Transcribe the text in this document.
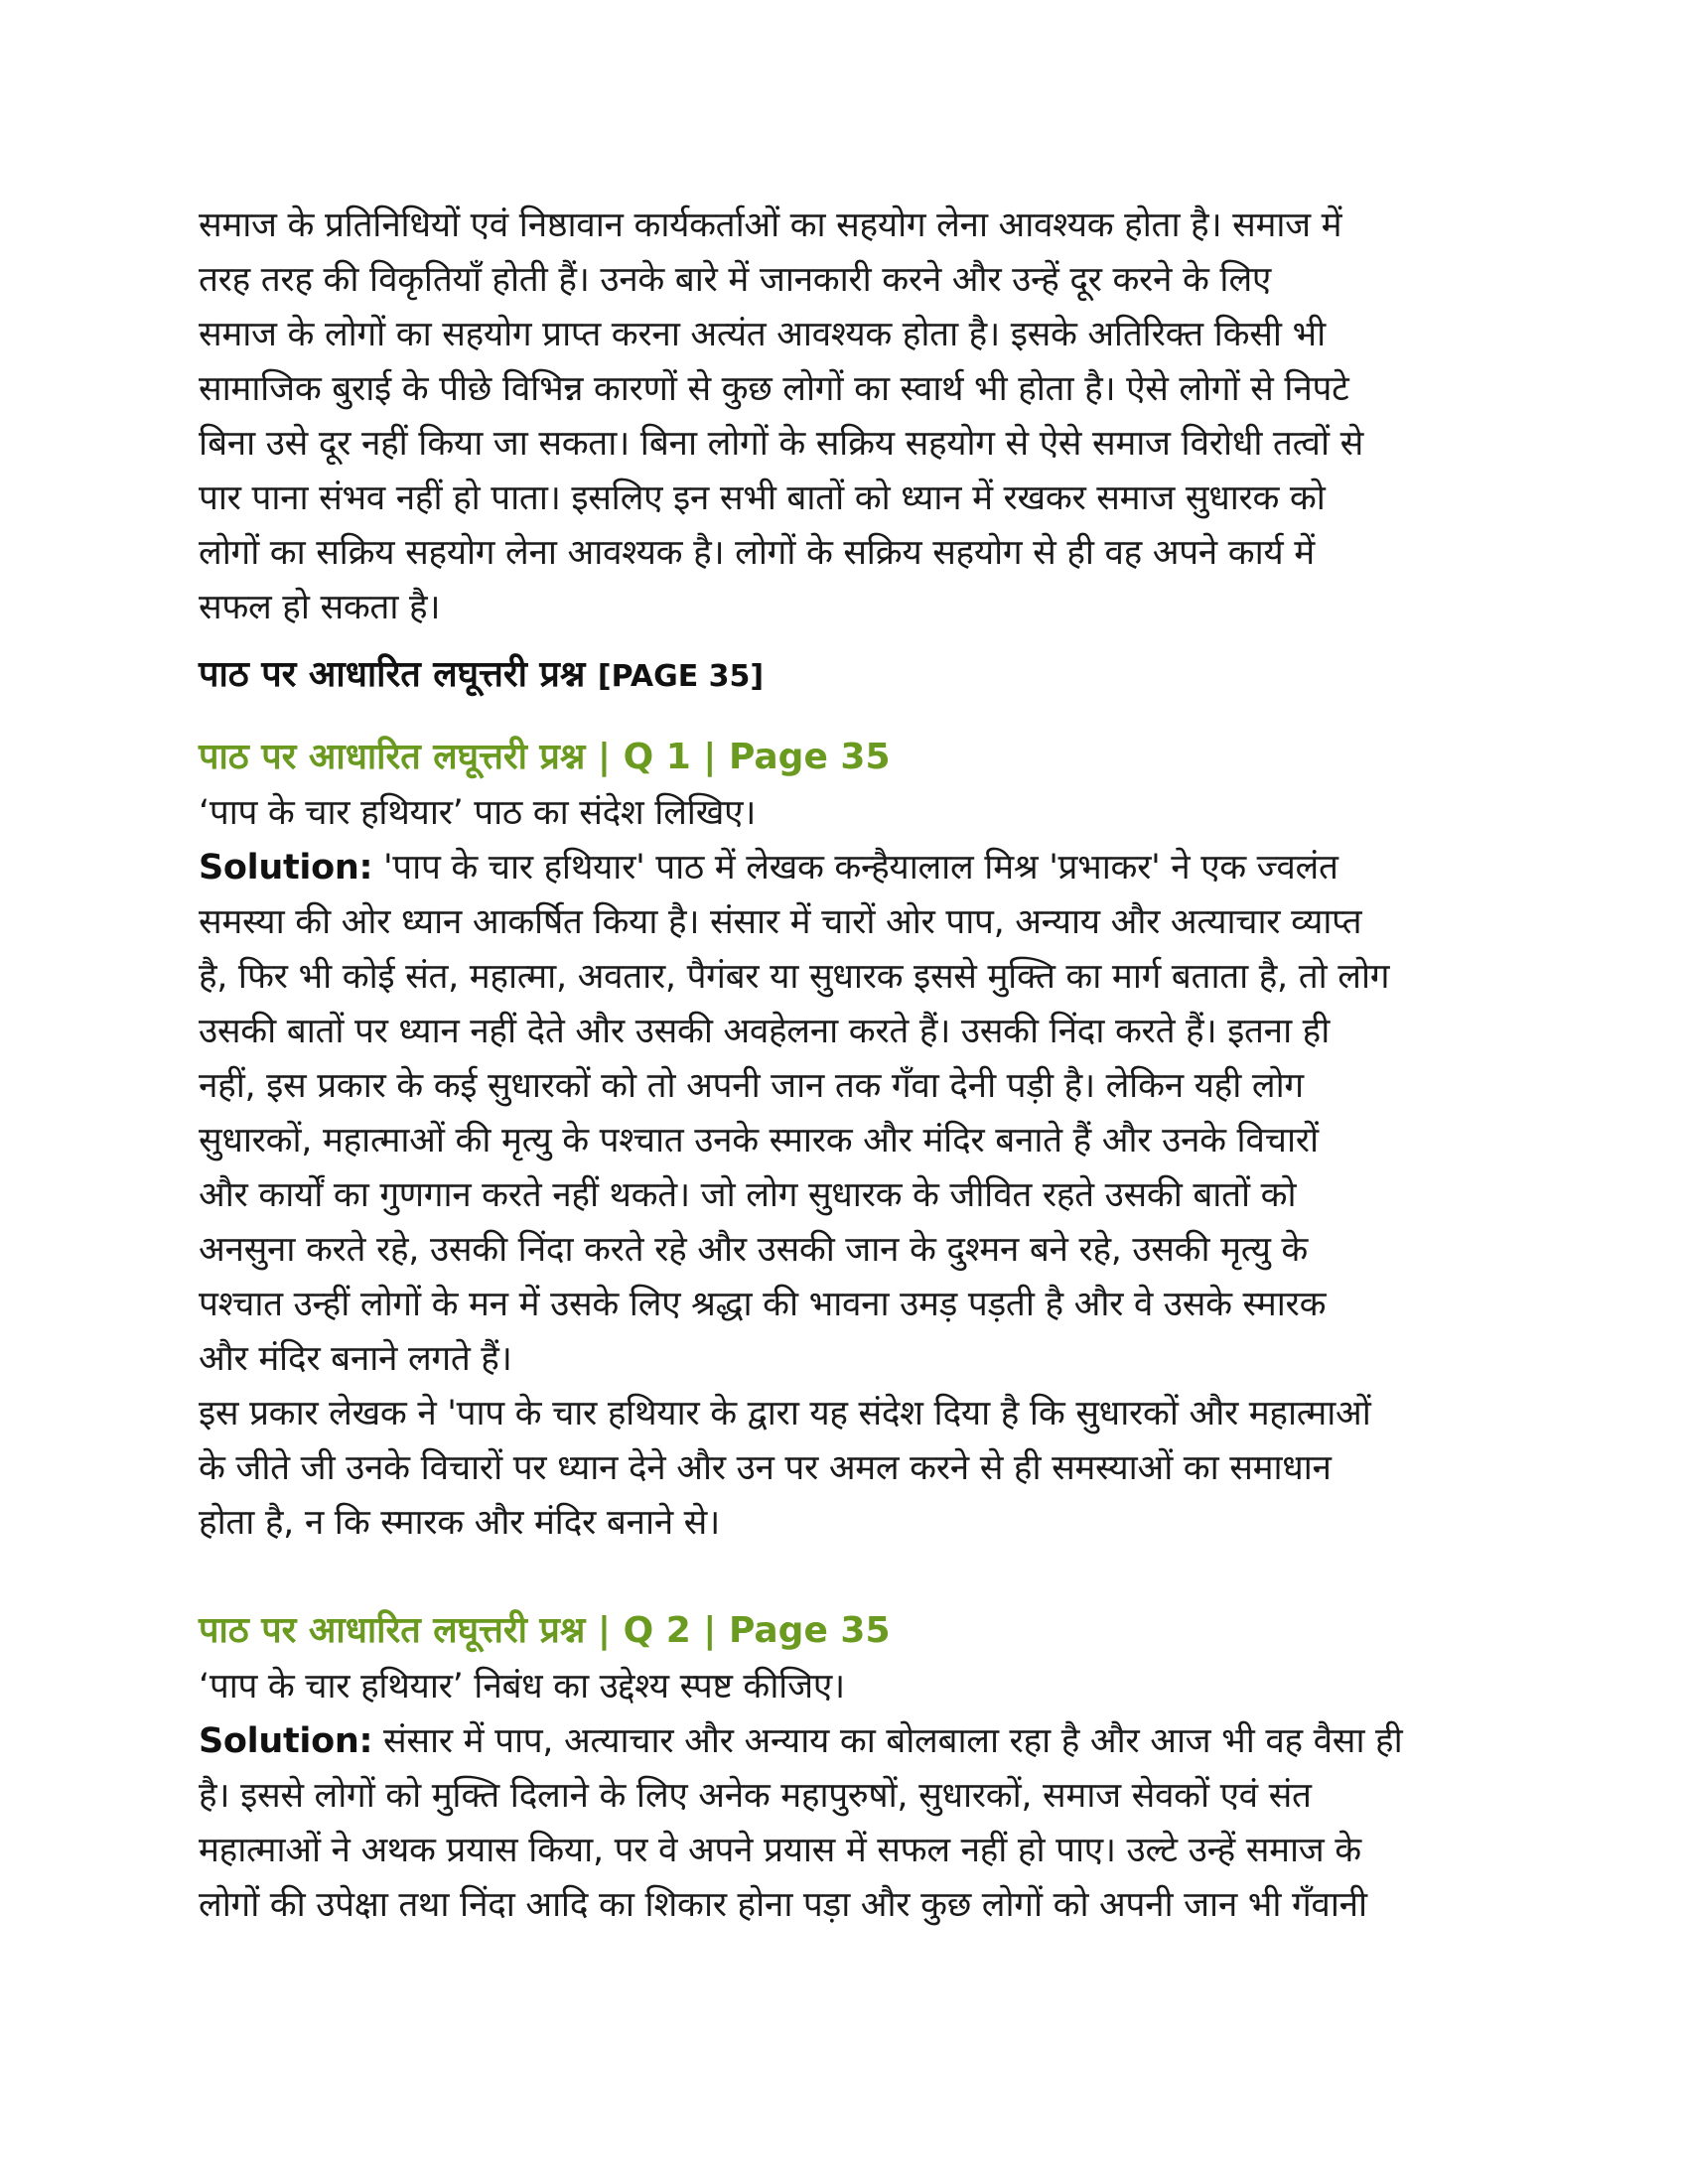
समाज के प्रतिनिधियों एवं निष्ठावान कार्यकर्ताओं का सहयोग लेना आवश्यक होता है। समाज में
तरह तरह की विकृतियाँ होती हैं। उनके बारे में जानकारी करने और उन्हें दूर करने के लिए
समाज के लोगों का सहयोग प्राप्त करना अत्यंत आवश्यक होता है। इसके अतिरिक्त किसी भी
सामाजिक बुराई के पीछे विभिन्न कारणों से कुछ लोगों का स्वार्थ भी होता है। ऐसे लोगों से निपटे
बिना उसे दूर नहीं किया जा सकता। बिना लोगों के सक्रिय सहयोग से ऐसे समाज विरोधी तत्वों से
पार पाना संभव नहीं हो पाता। इसलिए इन सभी बातों को ध्यान में रखकर समाज सुधारक को
लोगों का सक्रिय सहयोग लेना आवश्यक है। लोगों के सक्रिय सहयोग से ही वह अपने कार्य में
सफल हो सकता है।
पाठ पर आधारित लघूत्तरी प्रश्न [PAGE 35]
पाठ पर आधारित लघूत्तरी प्रश्न | Q 1 | Page 35
‘पाप के चार हथियार’ पाठ का संदेश लिखिए।
Solution: 'पाप के चार हथियार' पाठ में लेखक कन्हैयालाल मिश्र 'प्रभाकर' ने एक ज्वलंत
समस्या की ओर ध्यान आकर्षित किया है। संसार में चारों ओर पाप, अन्याय और अत्याचार व्याप्त
है, फिर भी कोई संत, महात्मा, अवतार, पैगंबर या सुधारक इससे मुक्ति का मार्ग बताता है, तो लोग
उसकी बातों पर ध्यान नहीं देते और उसकी अवहेलना करते हैं। उसकी निंदा करते हैं। इतना ही
नहीं, इस प्रकार के कई सुधारकों को तो अपनी जान तक गँवा देनी पड़ी है। लेकिन यही लोग
सुधारकों, महात्माओं की मृत्यु के पश्चात उनके स्मारक और मंदिर बनाते हैं और उनके विचारों
और कार्यों का गुणगान करते नहीं थकते। जो लोग सुधारक के जीवित रहते उसकी बातों को
अनसुना करते रहे, उसकी निंदा करते रहे और उसकी जान के दुश्मन बने रहे, उसकी मृत्यु के
पश्चात उन्हीं लोगों के मन में उसके लिए श्रद्धा की भावना उमड़ पड़ती है और वे उसके स्मारक
और मंदिर बनाने लगते हैं।
इस प्रकार लेखक ने 'पाप के चार हथियार के द्वारा यह संदेश दिया है कि सुधारकों और महात्माओं
के जीते जी उनके विचारों पर ध्यान देने और उन पर अमल करने से ही समस्याओं का समाधान
होता है, न कि स्मारक और मंदिर बनाने से।
पाठ पर आधारित लघूत्तरी प्रश्न | Q 2 | Page 35
‘पाप के चार हथियार’ निबंध का उद्देश्य स्पष्ट कीजिए।
Solution: संसार में पाप, अत्याचार और अन्याय का बोलबाला रहा है और आज भी वह वैसा ही
है। इससे लोगों को मुक्ति दिलाने के लिए अनेक महापुरुषों, सुधारकों, समाज सेवकों एवं संत
महात्माओं ने अथक प्रयास किया, पर वे अपने प्रयास में सफल नहीं हो पाए। उल्टे उन्हें समाज के
लोगों की उपेक्षा तथा निंदा आदि का शिकार होना पड़ा और कुछ लोगों को अपनी जान भी गँवानी
